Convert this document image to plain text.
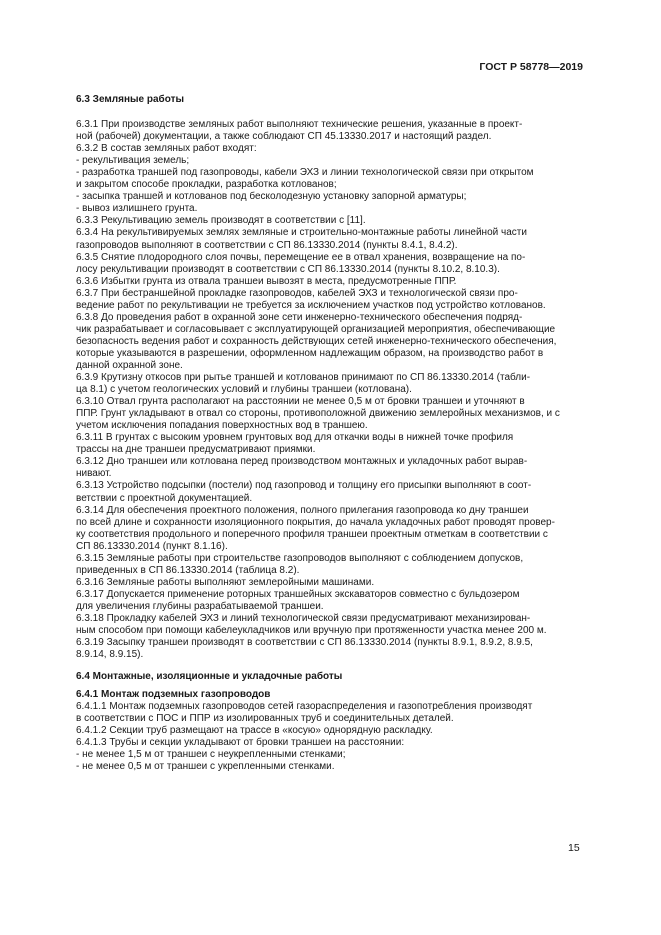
ГОСТ Р 58778—2019

6.3 Земляные работы

6.3.1 При производстве земляных работ выполняют технические решения, указанные в проект-

ной (рабочей) документации, а также соблюдают СП 45.13330.2017 и настоящий раздел.

6.3.2 В состав земляных работ входят:

- рекультивация земель;

- разработка траншей под газопроводы, кабели ЭХЗ и линии технологической связи при открытом

и закрытом способе прокладки, разработка котлованов;

- засыпка траншей и котлованов под бесколодезную установку запорной арматуры;

- вывоз излишнего грунта.

6.3.3 Рекультивацию земель производят в соответствии с [11].

6.3.4 На рекультивируемых землях земляные и строительно-монтажные работы линейной части

газопроводов выполняют в соответствии с СП 86.13330.2014 (пункты 8.4.1, 8.4.2).

6.3.5 Снятие плодородного слоя почвы, перемещение ее в отвал хранения, возвращение на по-

лосу рекультивации производят в соответствии с СП 86.13330.2014 (пункты 8.10.2, 8.10.3).

6.3.6 Избытки грунта из отвала траншеи вывозят в места, предусмотренные ППР.

6.3.7 При бестраншейной прокладке газопроводов, кабелей ЭХЗ и технологической связи про-

ведение работ по рекультивации не требуется за исключением участков под устройство котлованов.

6.3.8 До проведения работ в охранной зоне сети инженерно-технического обеспечения подряд-

чик разрабатывает и согласовывает с эксплуатирующей организацией мероприятия, обеспечивающие

безопасность ведения работ и сохранность действующих сетей инженерно-технического обеспечения,

которые указываются в разрешении, оформленном надлежащим образом, на производство работ в

данной охранной зоне.

6.3.9 Крутизну откосов при рытье траншей и котлованов принимают по СП 86.13330.2014 (табли-

ца 8.1) с учетом геологических условий и глубины траншеи (котлована).

6.3.10 Отвал грунта располагают на расстоянии не менее 0,5 м от бровки траншеи и уточняют в

ППР. Грунт укладывают в отвал со стороны, противоположной движению землеройных механизмов, и с

учетом исключения попадания поверхностных вод в траншею.

6.3.11 В грунтах с высоким уровнем грунтовых вод для откачки воды в нижней точке профиля

трассы на дне траншеи предусматривают приямки.

6.3.12 Дно траншеи или котлована перед производством монтажных и укладочных работ вырав-

нивают.

6.3.13 Устройство подсыпки (постели) под газопровод и толщину его присыпки выполняют в соот-

ветствии с проектной документацией.

6.3.14 Для обеспечения проектного положения, полного прилегания газопровода ко дну траншеи

по всей длине и сохранности изоляционного покрытия, до начала укладочных работ проводят провер-

ку соответствия продольного и поперечного профиля траншеи проектным отметкам в соответствии с

СП 86.13330.2014 (пункт 8.1.16).

6.3.15 Земляные работы при строительстве газопроводов выполняют с соблюдением допусков,

приведенных в СП 86.13330.2014 (таблица 8.2).

6.3.16 Земляные работы выполняют землеройными машинами.

6.3.17 Допускается применение роторных траншейных экскаваторов совместно с бульдозером

для увеличения глубины разрабатываемой траншеи.

6.3.18 Прокладку кабелей ЭХЗ и линий технологической связи предусматривают механизирован-

ным способом при помощи кабелеукладчиков или вручную при протяженности участка менее 200 м.

6.3.19 Засыпку траншеи производят в соответствии с СП 86.13330.2014 (пункты 8.9.1, 8.9.2, 8.9.5,

8.9.14, 8.9.15).

6.4 Монтажные, изоляционные и укладочные работы

6.4.1 Монтаж подземных газопроводов

6.4.1.1 Монтаж подземных газопроводов сетей газораспределения и газопотребления производят

в соответствии с ПОС и ППР из изолированных труб и соединительных деталей.

6.4.1.2 Секции труб размещают на трассе в «косую» однорядную раскладку.

6.4.1.3 Трубы и секции укладывают от бровки траншеи на расстоянии:

- не менее 1,5 м от траншеи с неукрепленными стенками;

- не менее 0,5 м от траншеи с укрепленными стенками.

15
